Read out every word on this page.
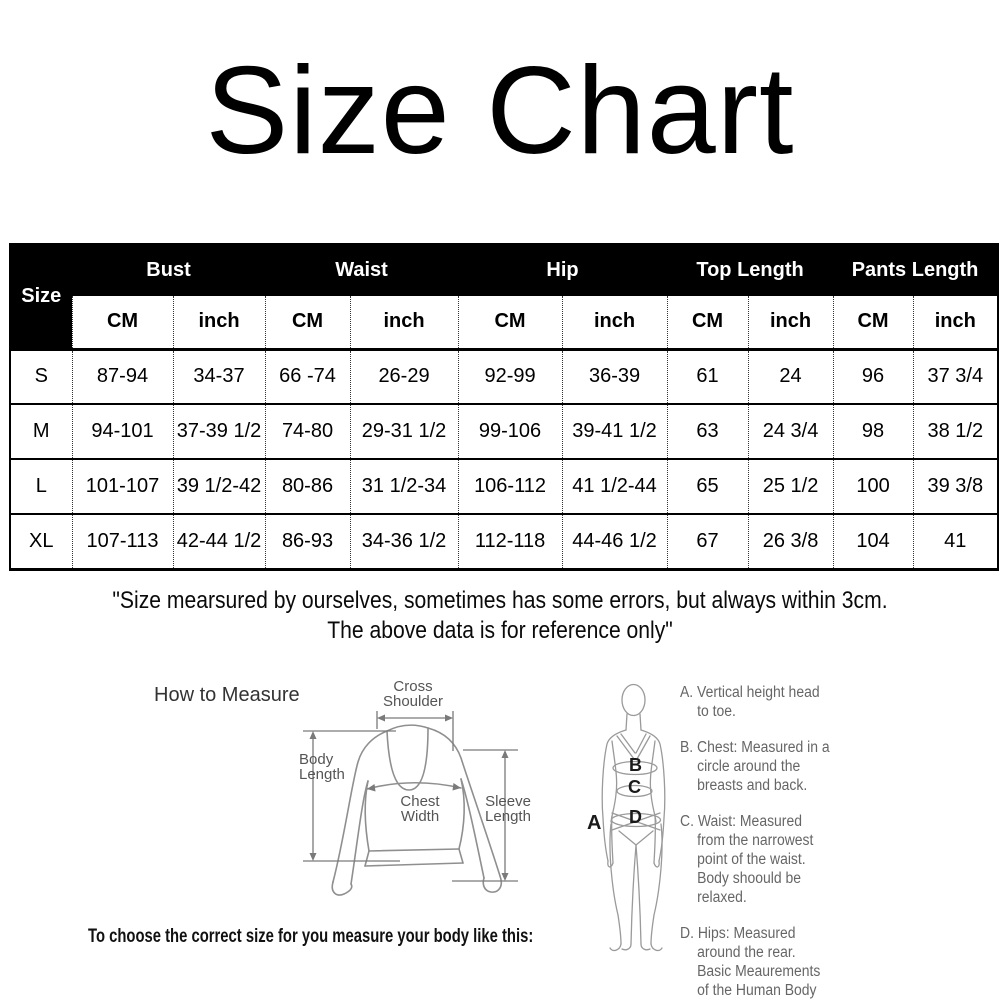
Size Chart
Size	Bust		Waist		Hip		Top Length		Pants Length	
	CM	inch	CM	inch	CM	inch	CM	inch	CM	inch
S	87-94	34-37	66 -74	26-29	92-99	36-39	61	24	96	37 3/4
M	94-101	37-39 1/2	74-80	29-31 1/2	99-106	39-41 1/2	63	24 3/4	98	38 1/2
L	101-107	39 1/2-42	80-86	31 1/2-34	106-112	41 1/2-44	65	25 1/2	100	39 3/8
XL	107-113	42-44 1/2	86-93	34-36 1/2	112-118	44-46 1/2	67	26 3/8	104	41
"Size mearsured by ourselves, sometimes has some errors, but always within 3cm.
The above data is for reference only"
How to Measure	Cross
Shoulder
Body
Length
Chest
Width
Sleeve
Length	A
B
C
D
A. Vertical height head
to toe.
B. Chest: Measured in a
circle around the
breasts and back.
C. Waist: Measured
from the narrowest
point of the waist.
Body shoould be
relaxed.
D. Hips: Measured
around the rear.
Basic Meaurements
of the Human Body
To choose the correct size for you measure your body like this:
